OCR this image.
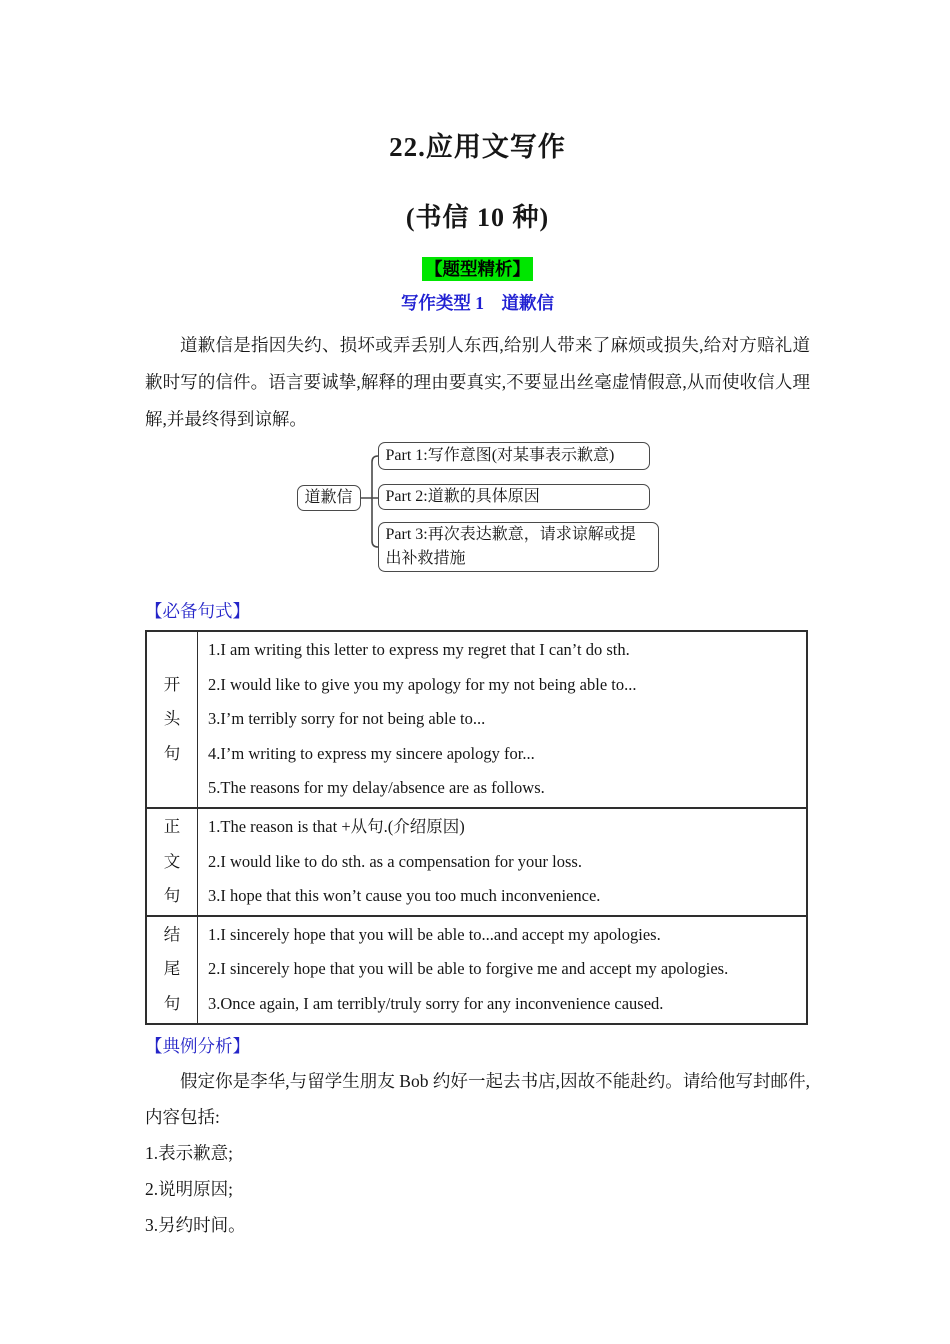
22.应用文写作
(书信 10 种)
【题型精析】
写作类型 1　道歉信

道歉信是指因失约、损坏或弄丢别人东西,给别人带来了麻烦或损失,给对方赔礼道歉时写的信件。语言要诚挚,解释的理由要真实,不要显出丝毫虚情假意,从而使收信人理解,并最终得到谅解。

道歉信
Part 1:写作意图(对某事表示歉意)
Part 2:道歉的具体原因
Part 3:再次表达歉意，请求谅解或提出补救措施
【必备句式】
开
头
句

1.I am writing this letter to express my regret that I can’t do sth.
2.I would like to give you my apology for my not being able to...
3.I’m terribly sorry for not being able to...
4.I’m writing to express my sincere apology for...
5.The reasons for my delay/absence are as follows.

正
文
句

1.The reason is that +从句.(介绍原因)
2.I would like to do sth. as a compensation for your loss.
3.I hope that this won’t cause you too much inconvenience.

结
尾
句

1.I sincerely hope that you will be able to...and accept my apologies.
2.I sincerely hope that you will be able to forgive me and accept my apologies.
3.Once again, I am terribly/truly sorry for any inconvenience caused.
【典例分析】

假定你是李华,与留学生朋友 Bob 约好一起去书店,因故不能赴约。请给他写封邮件,内容包括:

1.表示歉意;
2.说明原因;
3.另约时间。
